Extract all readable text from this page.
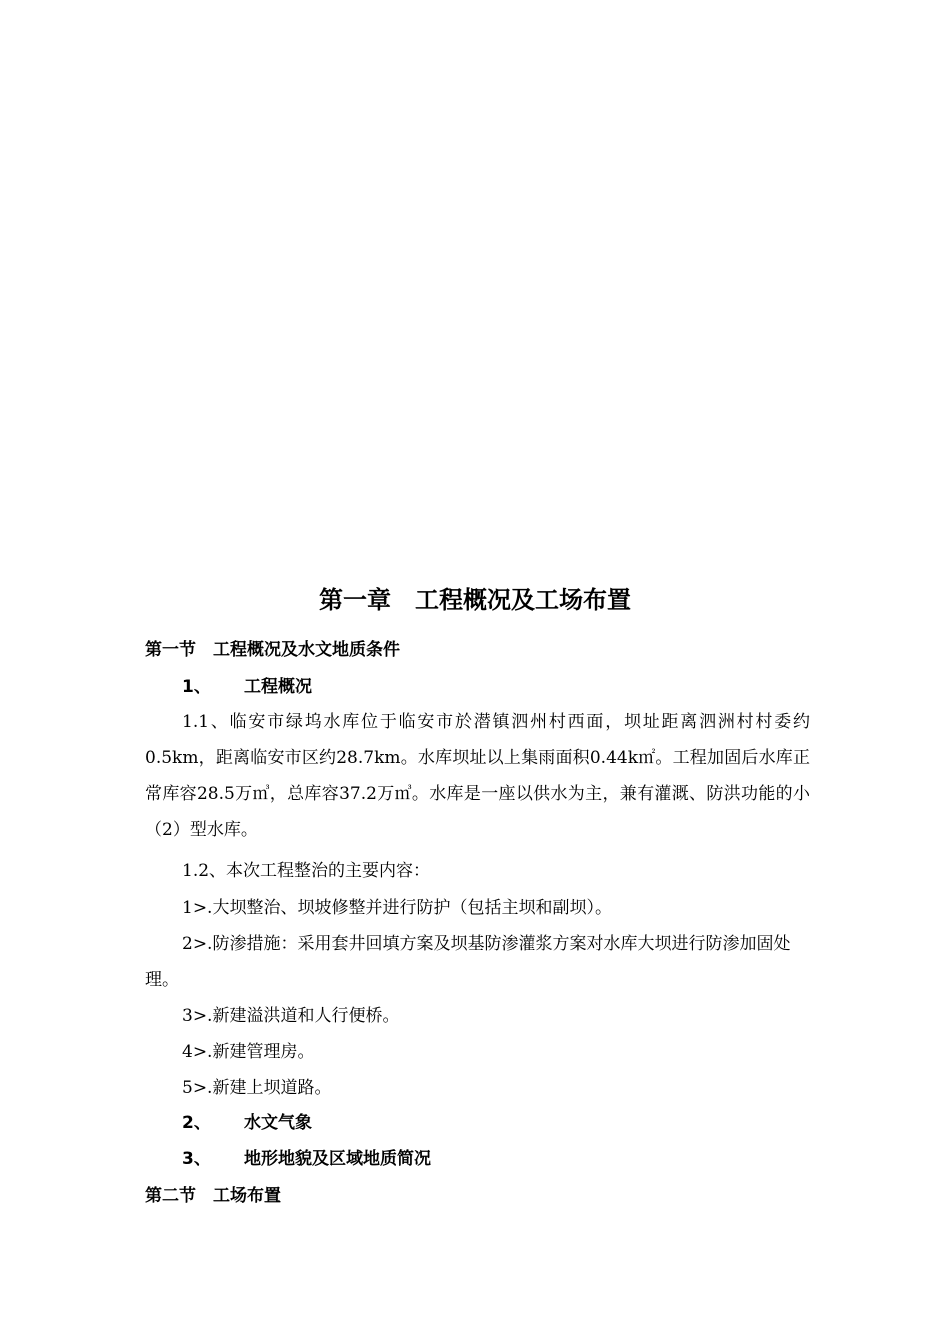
第一章　工程概况及工场布置
第一节　工程概况及水文地质条件
1、 工程概况
1.1、临安市绿坞水库位于临安市於潜镇泗州村西面，坝址距离泗洲村村委约0.5km，距离临安市区约28.7km。水库坝址以上集雨面积0.44k㎡。工程加固后水库正常库容28.5万㎥，总库容37.2万㎥。水库是一座以供水为主，兼有灌溉、防洪功能的小（2）型水库。
1.2、本次工程整治的主要内容：
1>.大坝整治、坝坡修整并进行防护（包括主坝和副坝）。
2>.防渗措施：采用套井回填方案及坝基防渗灌浆方案对水库大坝进行防渗加固处理。
3>.新建溢洪道和人行便桥。
4>.新建管理房。
5>.新建上坝道路。
2、 水文气象
3、 地形地貌及区域地质简况
第二节　工场布置
